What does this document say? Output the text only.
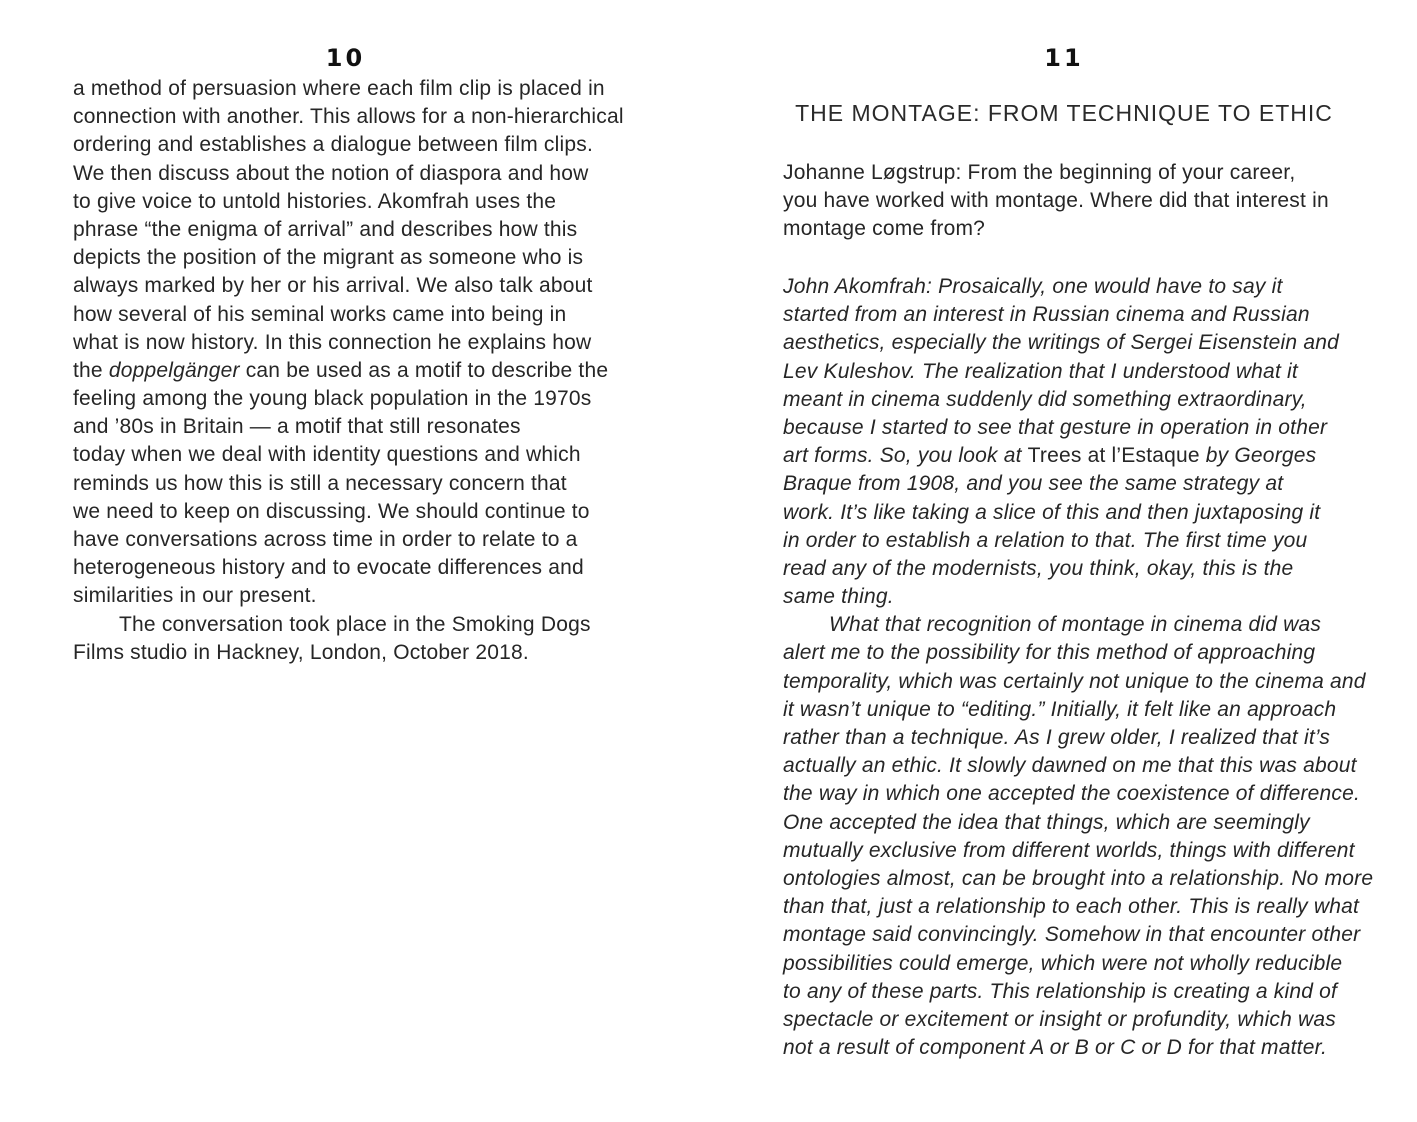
10
a method of persuasion where each film clip is placed in
connection with another. This allows for a non-hierarchical
ordering and establishes a dialogue between film clips.
We then discuss about the notion of diaspora and how
to give voice to untold histories. Akomfrah uses the
phrase “the enigma of arrival” and describes how this
depicts the position of the migrant as someone who is
always marked by her or his arrival. We also talk about
how several of his seminal works came into being in
what is now history. In this connection he explains how
the doppelgänger can be used as a motif to describe the
feeling among the young black population in the 1970s
and ’80s in Britain — a motif that still resonates
today when we deal with identity questions and which
reminds us how this is still a necessary concern that
we need to keep on discussing. We should continue to
have conversations across time in order to relate to a
heterogeneous history and to evocate differences and
similarities in our present.
The conversation took place in the Smoking Dogs
Films studio in Hackney, London, October 2018.
11
THE MONTAGE: FROM TECHNIQUE TO ETHIC
Johanne Løgstrup: From the beginning of your career,
you have worked with montage. Where did that interest in
montage come from?
John Akomfrah: Prosaically, one would have to say it
started from an interest in Russian cinema and Russian
aesthetics, especially the writings of Sergei Eisenstein and
Lev Kuleshov. The realization that I understood what it
meant in cinema suddenly did something extraordinary,
because I started to see that gesture in operation in other
art forms. So, you look at Trees at l’Estaque by Georges
Braque from 1908, and you see the same strategy at
work. It’s like taking a slice of this and then juxtaposing it
in order to establish a relation to that. The first time you
read any of the modernists, you think, okay, this is the
same thing.
What that recognition of montage in cinema did was
alert me to the possibility for this method of approaching
temporality, which was certainly not unique to the cinema and
it wasn’t unique to “editing.” Initially, it felt like an approach
rather than a technique. As I grew older, I realized that it’s
actually an ethic. It slowly dawned on me that this was about
the way in which one accepted the coexistence of difference.
One accepted the idea that things, which are seemingly
mutually exclusive from different worlds, things with different
ontologies almost, can be brought into a relationship. No more
than that, just a relationship to each other. This is really what
montage said convincingly. Somehow in that encounter other
possibilities could emerge, which were not wholly reducible
to any of these parts. This relationship is creating a kind of
spectacle or excitement or insight or profundity, which was
not a result of component A or B or C or D for that matter.
